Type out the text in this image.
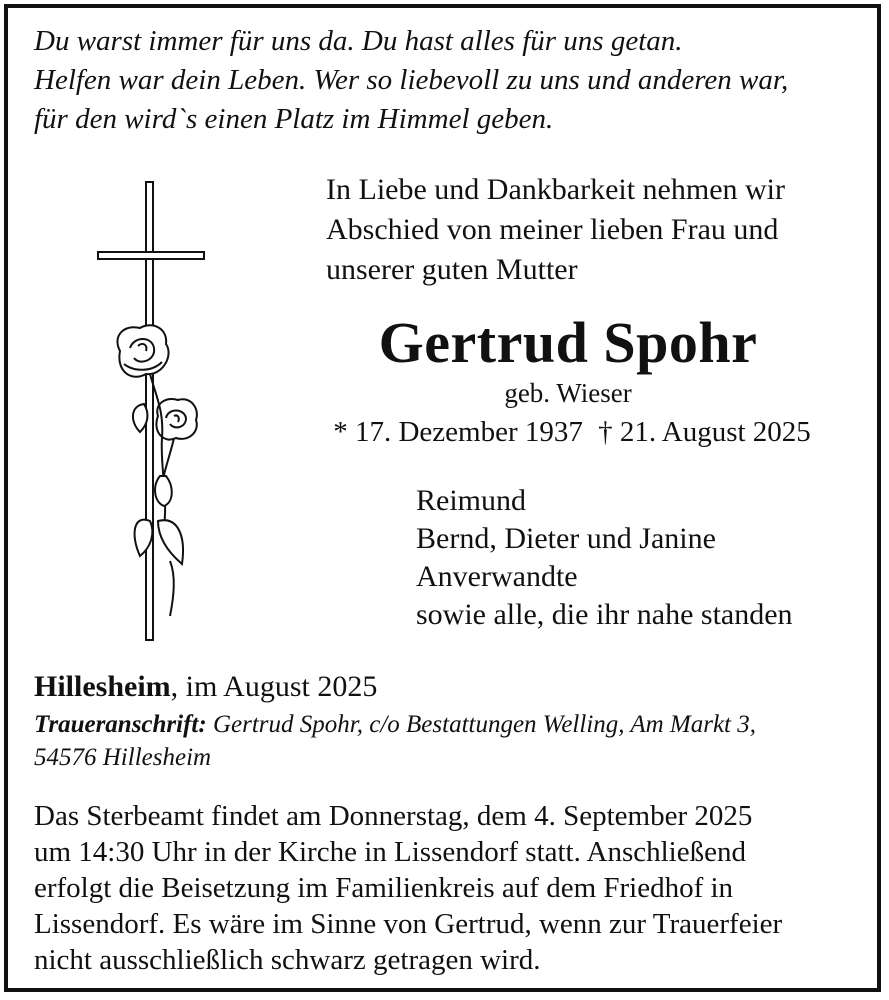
Du warst immer für uns da. Du hast alles für uns getan.
Helfen war dein Leben. Wer so liebevoll zu uns und anderen war,
für den wird`s einen Platz im Himmel geben.
In Liebe und Dankbarkeit nehmen wir
Abschied von meiner lieben Frau und
unserer guten Mutter
Gertrud Spohr
geb. Wieser
* 17. Dezember 1937 † 21. August 2025
Reimund
Bernd, Dieter und Janine
Anverwandte
sowie alle, die ihr nahe standen
Hillesheim, im August 2025
Traueranschrift: Gertrud Spohr, c/o Bestattungen Welling, Am Markt 3,
54576 Hillesheim
Das Sterbeamt findet am Donnerstag, dem 4. September 2025
um 14:30 Uhr in der Kirche in Lissendorf statt. Anschließend
erfolgt die Beisetzung im Familienkreis auf dem Friedhof in
Lissendorf. Es wäre im Sinne von Gertrud, wenn zur Trauerfeier
nicht ausschließlich schwarz getragen wird.
